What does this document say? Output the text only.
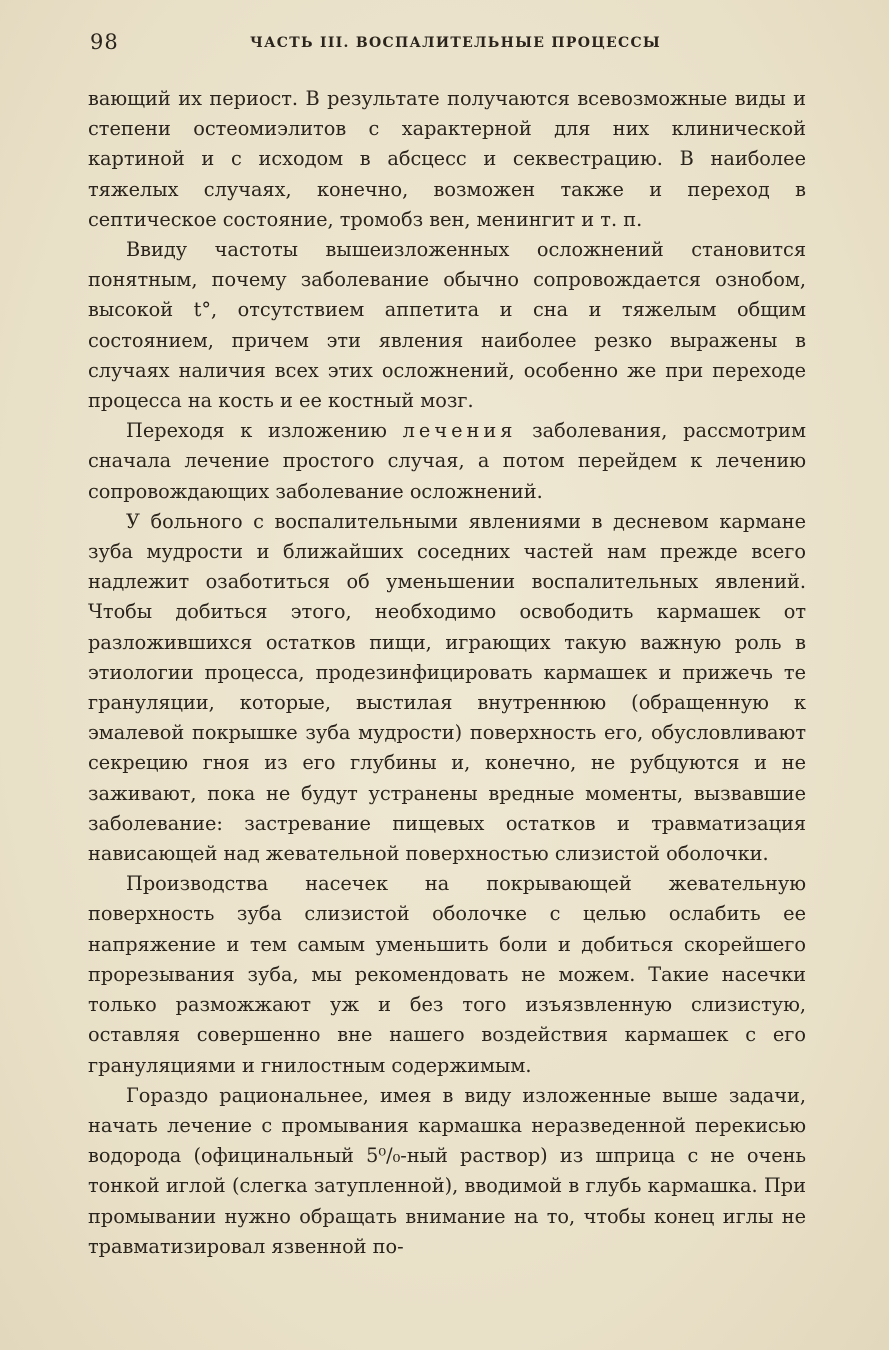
98	ЧАСТЬ III. ВОСПАЛИТЕЛЬНЫЕ ПРОЦЕССЫ

вающий их периост. В результате получаются всевозможные виды и степени остеомиэлитов с характерной для них клинической картиной и с исходом в абсцесс и секвестрацию. В наиболее тяжелых случаях, конечно, возможен также и переход в септическое состояние, тромобз вен, менингит и т. п.

Ввиду частоты вышеизложенных осложнений становится понятным, почему заболевание обычно сопровождается ознобом, высокой t°, отсутствием аппетита и сна и тяжелым общим состоянием, причем эти явления наиболее резко выражены в случаях наличия всех этих осложнений, особенно же при переходе процесса на кость и ее костный мозг.

Переходя к изложению лечения заболевания, рассмотрим сначала лечение простого случая, а потом перейдем к лечению сопровождающих заболевание осложнений.

У больного с воспалительными явлениями в десневом кармане зуба мудрости и ближайших соседних частей нам прежде всего надлежит озаботиться об уменьшении воспалительных явлений. Чтобы добиться этого, необходимо освободить кармашек от разложившихся остатков пищи, играющих такую важную роль в этиологии процесса, продезинфицировать кармашек и прижечь те грануляции, которые, выстилая внутреннюю (обращенную к эмалевой покрышке зуба мудрости) поверхность его, обусловливают секрецию гноя из его глубины и, конечно, не рубцуются и не заживают, пока не будут устранены вредные моменты, вызвавшие заболевание: застревание пищевых остатков и травматизация нависающей над жевательной поверхностью слизистой оболочки.

Производства насечек на покрывающей жевательную поверхность зуба слизистой оболочке с целью ослабить ее напряжение и тем самым уменьшить боли и добиться скорейшего прорезывания зуба, мы рекомендовать не можем. Такие насечки только разможжают уж и без того изъязвленную слизистую, оставляя совершенно вне нашего воздействия кармашек с его грануляциями и гнилостным содержимым.

Гораздо рациональнее, имея в виду изложенные выше задачи, начать лечение с промывания кармашка неразведенной перекисью водорода (официнальный 5⁰/₀-ный раствор) из шприца с не очень тонкой иглой (слегка затупленной), вводимой в глубь кармашка. При промывании нужно обращать внимание на то, чтобы конец иглы не травматизировал язвенной по-
